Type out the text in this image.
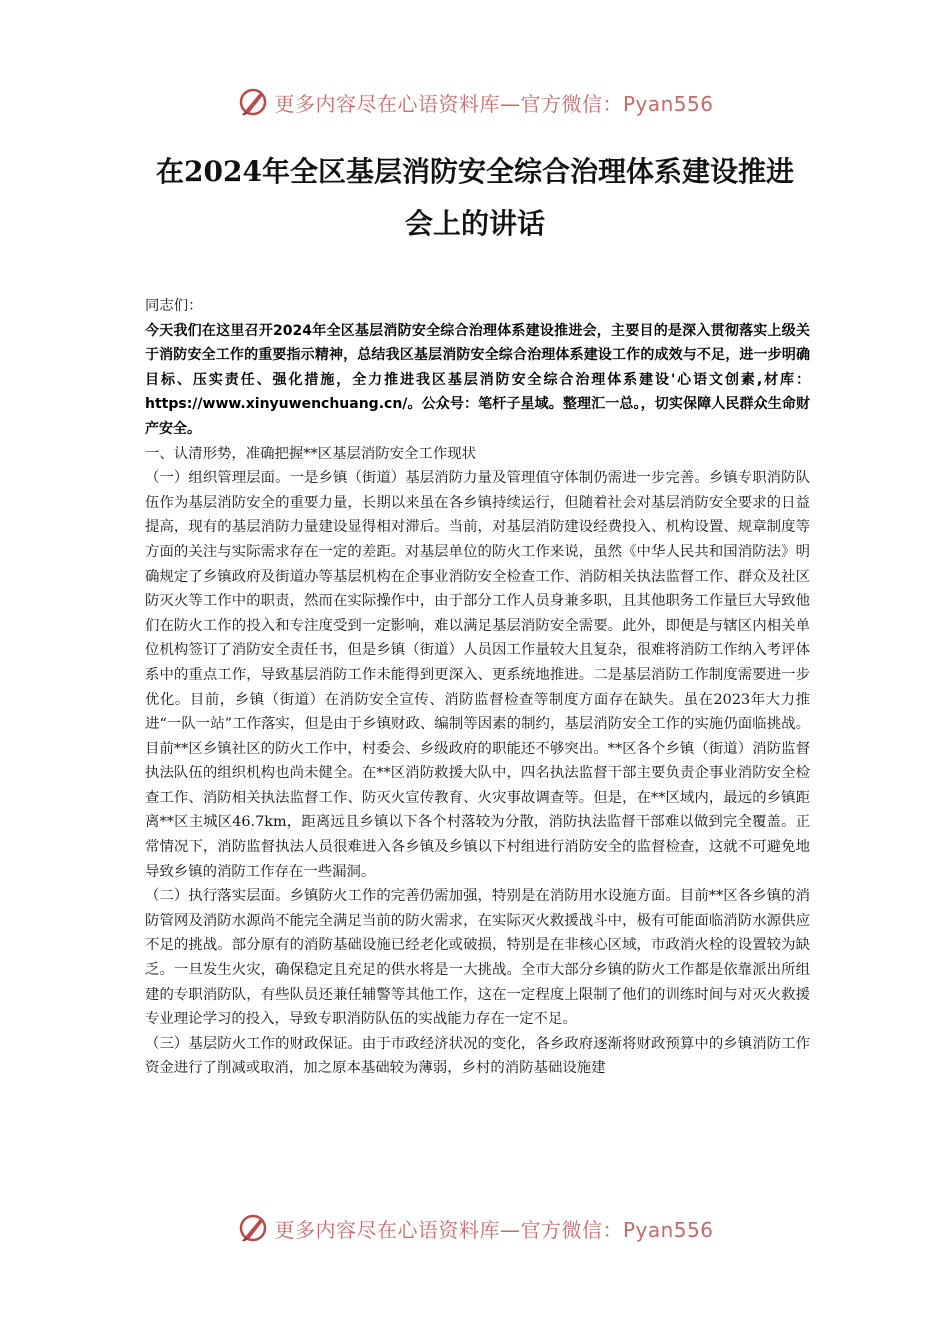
更多内容尽在心语资料库—官方微信：Pyan556
在2024年全区基层消防安全综合治理体系建设推进
会上的讲话

同志们：

今天我们在这里召开2024年全区基层消防安全综合治理体系建设推进会，主要目的是深入贯彻落实上级关于消防安全工作的重要指示精神，总结我区基层消防安全综合治理体系建设工作的成效与不足，进一步明确目标、压实责任、强化措施，全力推进我区基层消防安全综合治理体系建设'心语文创素,材库：https://www.xinyuwenchuang.cn/。公众号：笔杆子星域。整理汇一总。，切实保障人民群众生命财产安全。

一、认清形势，准确把握**区基层消防安全工作现状

（一）组织管理层面。一是乡镇（街道）基层消防力量及管理值守体制仍需进一步完善。乡镇专职消防队伍作为基层消防安全的重要力量，长期以来虽在各乡镇持续运行，但随着社会对基层消防安全要求的日益提高，现有的基层消防力量建设显得相对滞后。当前，对基层消防建设经费投入、机构设置、规章制度等方面的关注与实际需求存在一定的差距。对基层单位的防火工作来说，虽然《中华人民共和国消防法》明确规定了乡镇政府及街道办等基层机构在企事业消防安全检查工作、消防相关执法监督工作、群众及社区防灭火等工作中的职责，然而在实际操作中，由于部分工作人员身兼多职，且其他职务工作量巨大导致他们在防火工作的投入和专注度受到一定影响，难以满足基层消防安全需要。此外，即便是与辖区内相关单位机构签订了消防安全责任书，但是乡镇（街道）人员因工作量较大且复杂，很难将消防工作纳入考评体系中的重点工作，导致基层消防工作未能得到更深入、更系统地推进。二是基层消防工作制度需要进一步优化。目前，乡镇（街道）在消防安全宣传、消防监督检查等制度方面存在缺失。虽在2023年大力推进“一队一站”工作落实，但是由于乡镇财政、编制等因素的制约，基层消防安全工作的实施仍面临挑战。目前**区乡镇社区的防火工作中，村委会、乡级政府的职能还不够突出。**区各个乡镇（街道）消防监督执法队伍的组织机构也尚未健全。在**区消防救援大队中，四名执法监督干部主要负责企事业消防安全检查工作、消防相关执法监督工作、防灭火宣传教育、火灾事故调查等。但是，在**区域内，最远的乡镇距离**区主城区46.7km，距离远且乡镇以下各个村落较为分散，消防执法监督干部难以做到完全覆盖。正常情况下，消防监督执法人员很难进入各乡镇及乡镇以下村组进行消防安全的监督检查，这就不可避免地导致乡镇的消防工作存在一些漏洞。

（二）执行落实层面。乡镇防火工作的完善仍需加强，特别是在消防用水设施方面。目前**区各乡镇的消防管网及消防水源尚不能完全满足当前的防火需求，在实际灭火救援战斗中，极有可能面临消防水源供应不足的挑战。部分原有的消防基础设施已经老化或破损，特别是在非核心区域，市政消火栓的设置较为缺乏。一旦发生火灾，确保稳定且充足的供水将是一大挑战。全市大部分乡镇的防火工作都是依靠派出所组建的专职消防队，有些队员还兼任辅警等其他工作，这在一定程度上限制了他们的训练时间与对灭火救援专业理论学习的投入，导致专职消防队伍的实战能力存在一定不足。

（三）基层防火工作的财政保证。由于市政经济状况的变化，各乡政府逐渐将财政预算中的乡镇消防工作资金进行了削减或取消，加之原本基础较为薄弱，乡村的消防基础设施建

更多内容尽在心语资料库—官方微信：Pyan556
